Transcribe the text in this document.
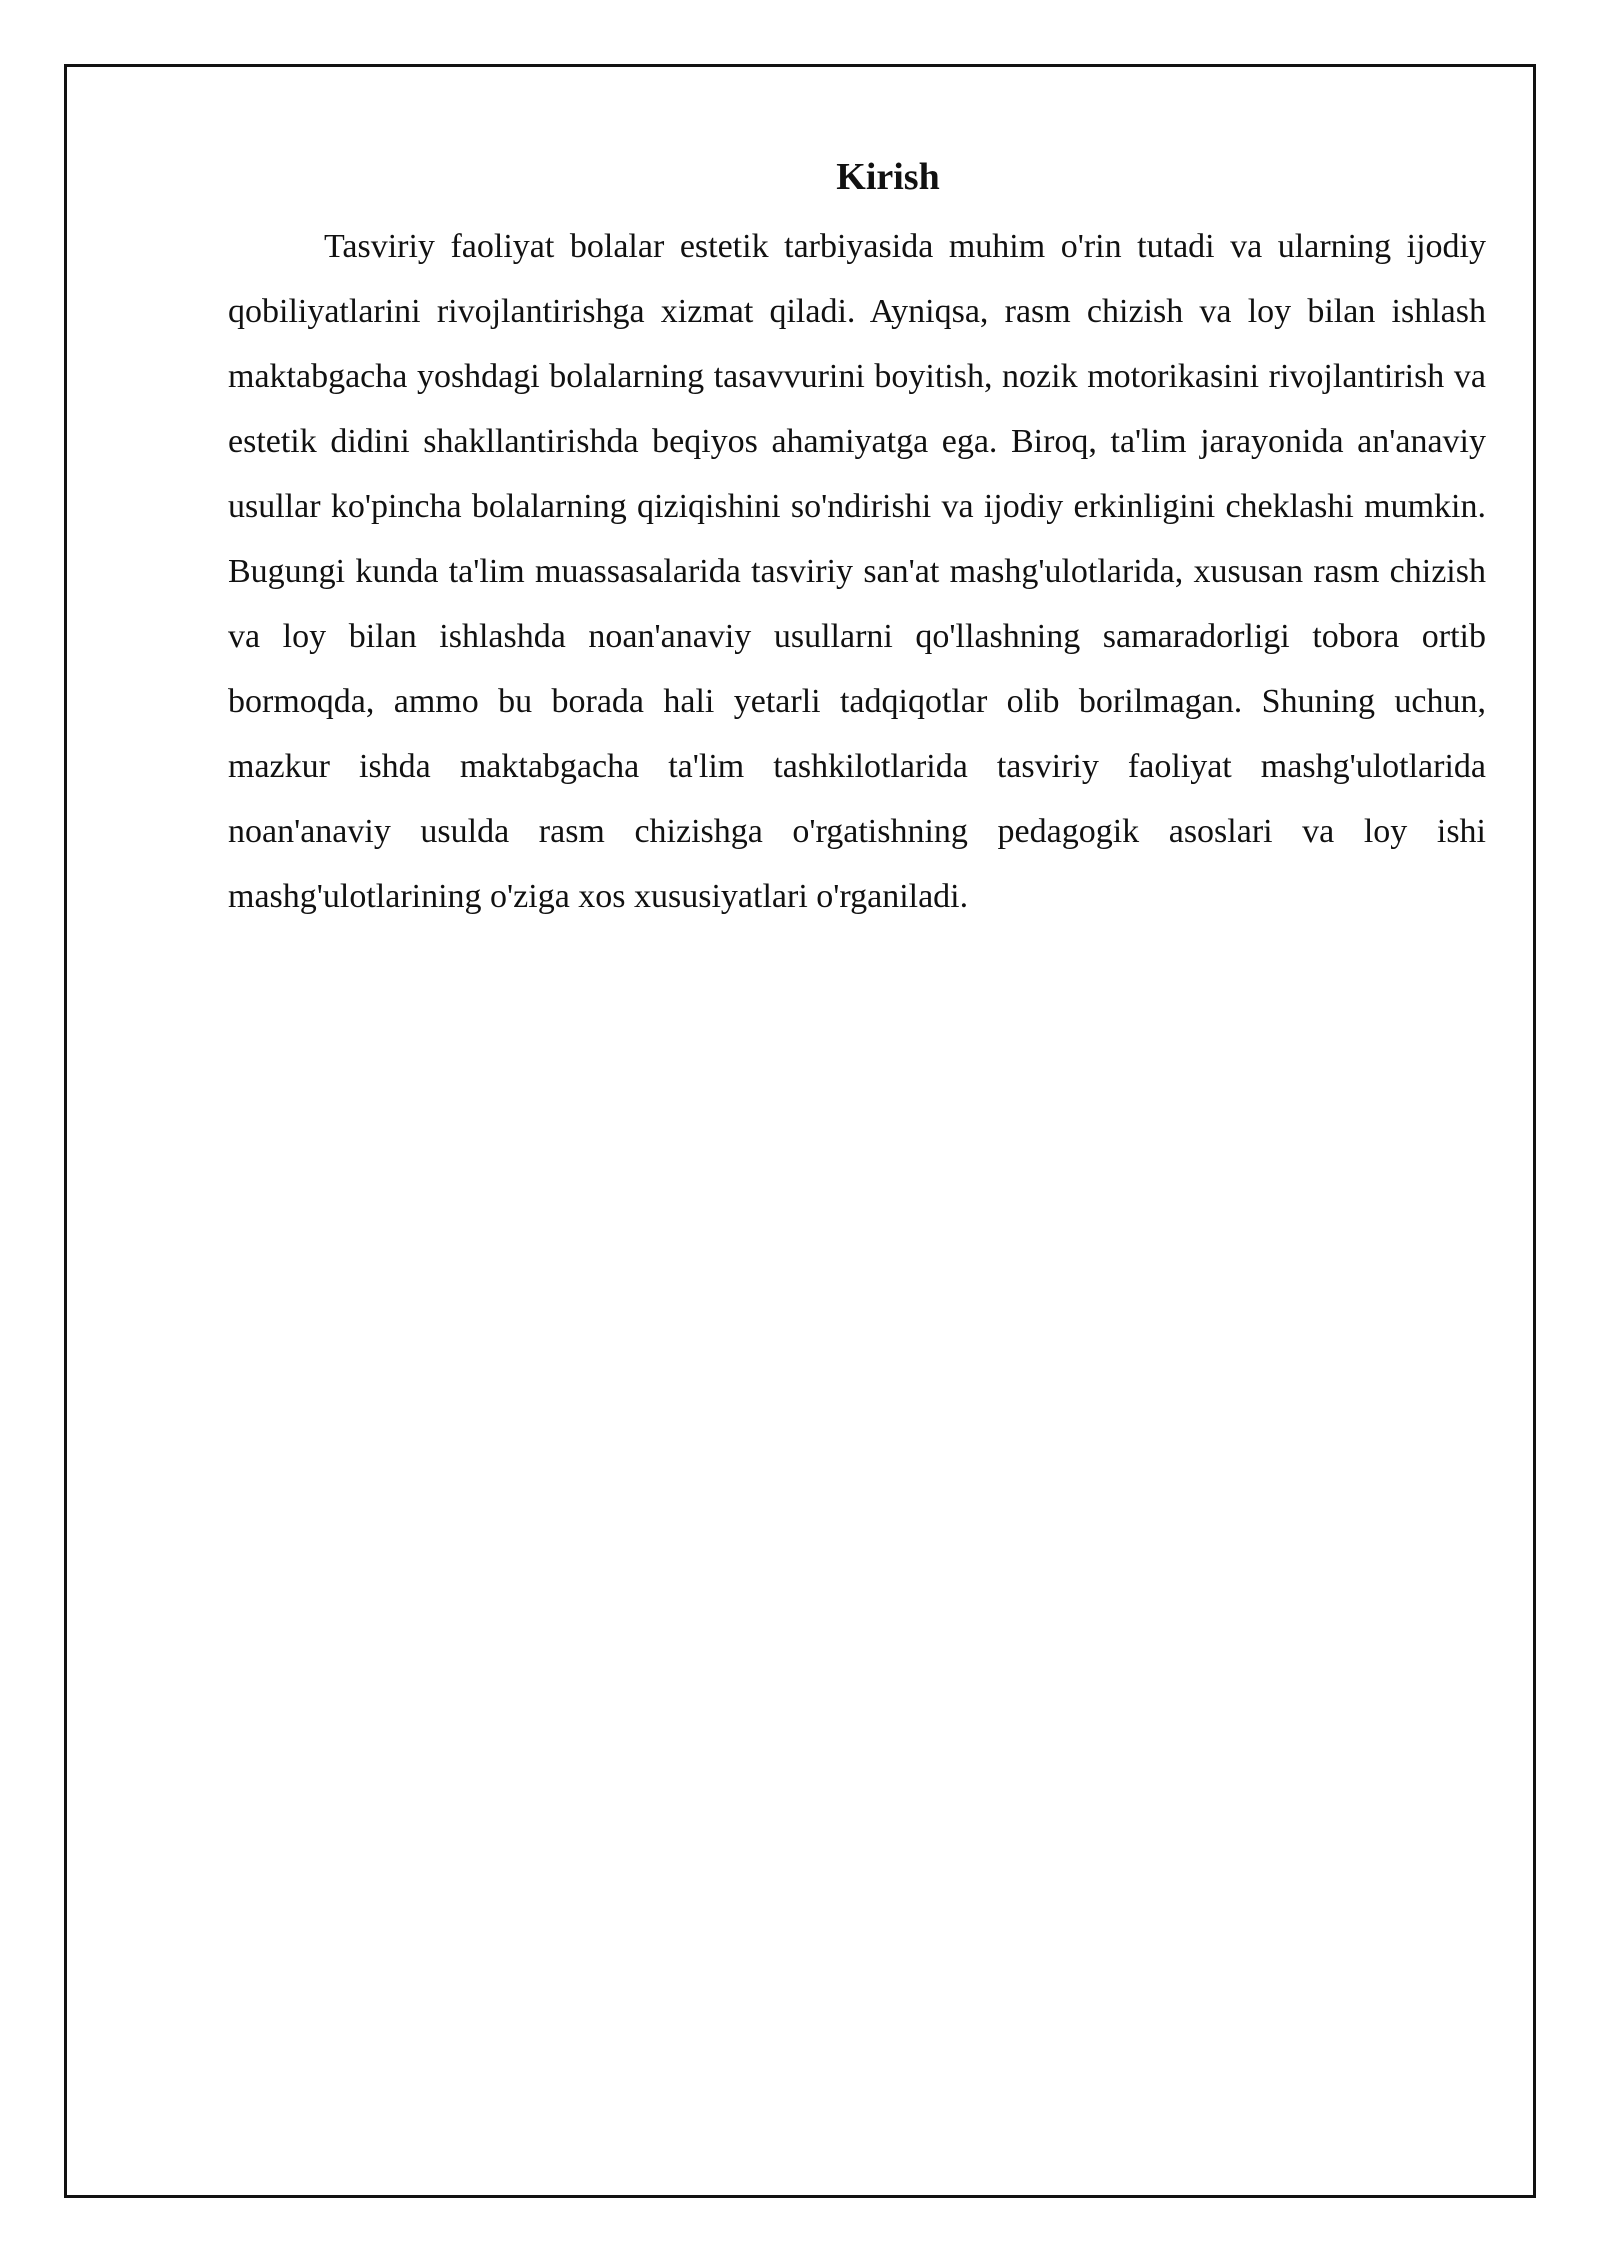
Kirish

Tasviriy faoliyat bolalar estetik tarbiyasida muhim o'rin tutadi va ularning ijodiy qobiliyatlarini rivojlantirishga xizmat qiladi. Ayniqsa, rasm chizish va loy bilan ishlash maktabgacha yoshdagi bolalarning tasavvurini boyitish, nozik motorikasini rivojlantirish va estetik didini shakllantirishda beqiyos ahamiyatga ega. Biroq, ta'lim jarayonida an'anaviy usullar ko'pincha bolalarning qiziqishini so'ndirishi va ijodiy erkinligini cheklashi mumkin. Bugungi kunda ta'lim muassasalarida tasviriy san'at mashg'ulotlarida, xususan rasm chizish va loy bilan ishlashda noan'anaviy usullarni qo'llashning samaradorligi tobora ortib bormoqda, ammo bu borada hali yetarli tadqiqotlar olib borilmagan. Shuning uchun, mazkur ishda maktabgacha ta'lim tashkilotlarida tasviriy faoliyat mashg'ulotlarida noan'anaviy usulda rasm chizishga o'rgatishning pedagogik asoslari va loy ishi mashg'ulotlarining o'ziga xos xususiyatlari o'rganiladi.
